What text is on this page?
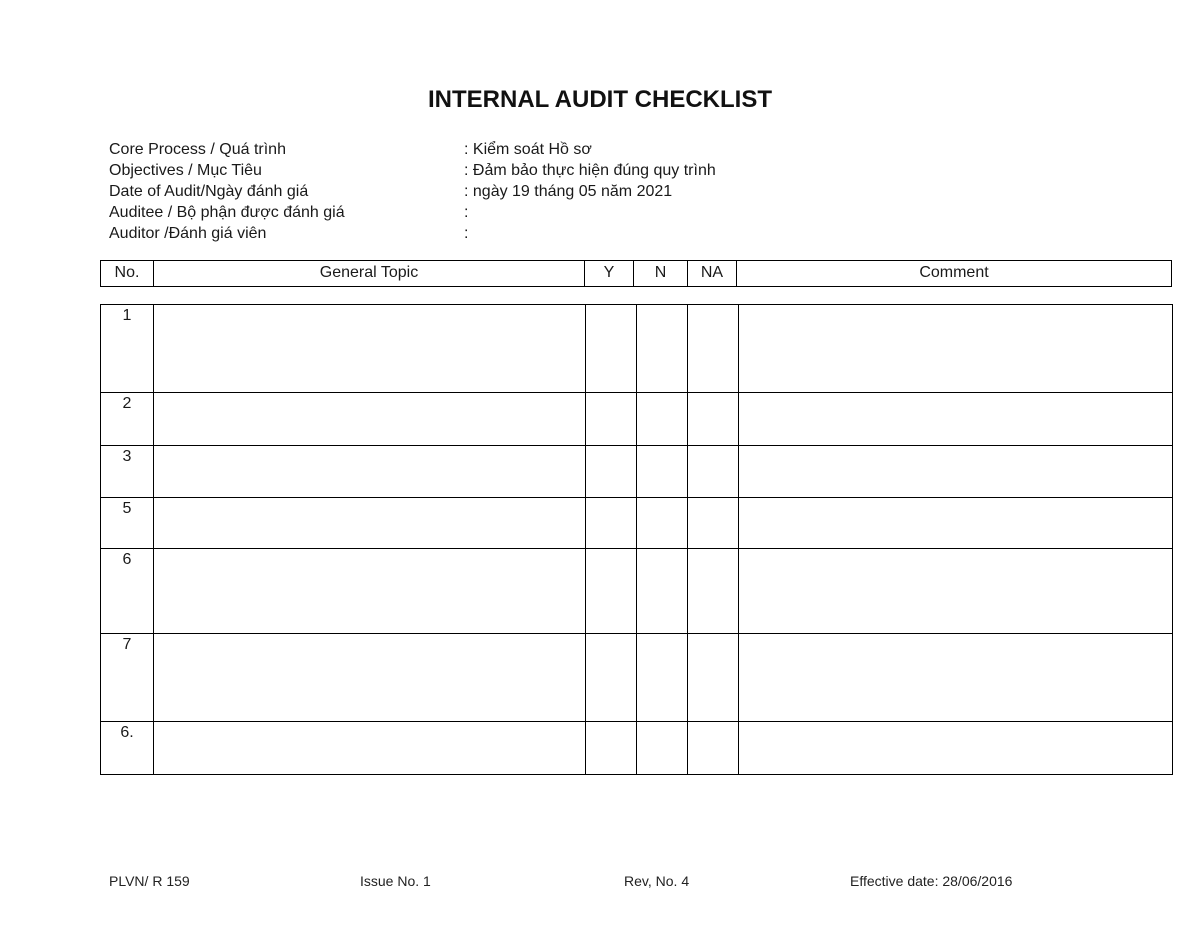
INTERNAL AUDIT CHECKLIST
Core Process / Quá trình	: Kiểm soát Hồ sơ
Objectives / Mục Tiêu	: Đảm bảo thực hiện đúng quy trình
Date of Audit/Ngày đánh giá	: ngày 19 tháng 05 năm 2021
Auditee / Bộ phận được đánh giá	:
Auditor /Đánh giá viên	:
No.	General Topic	Y	N	NA	Comment
1
2
3
5
6
7
6.
PLVN/ R 159	Issue No. 1	Rev, No. 4	Effective date: 28/06/2016
